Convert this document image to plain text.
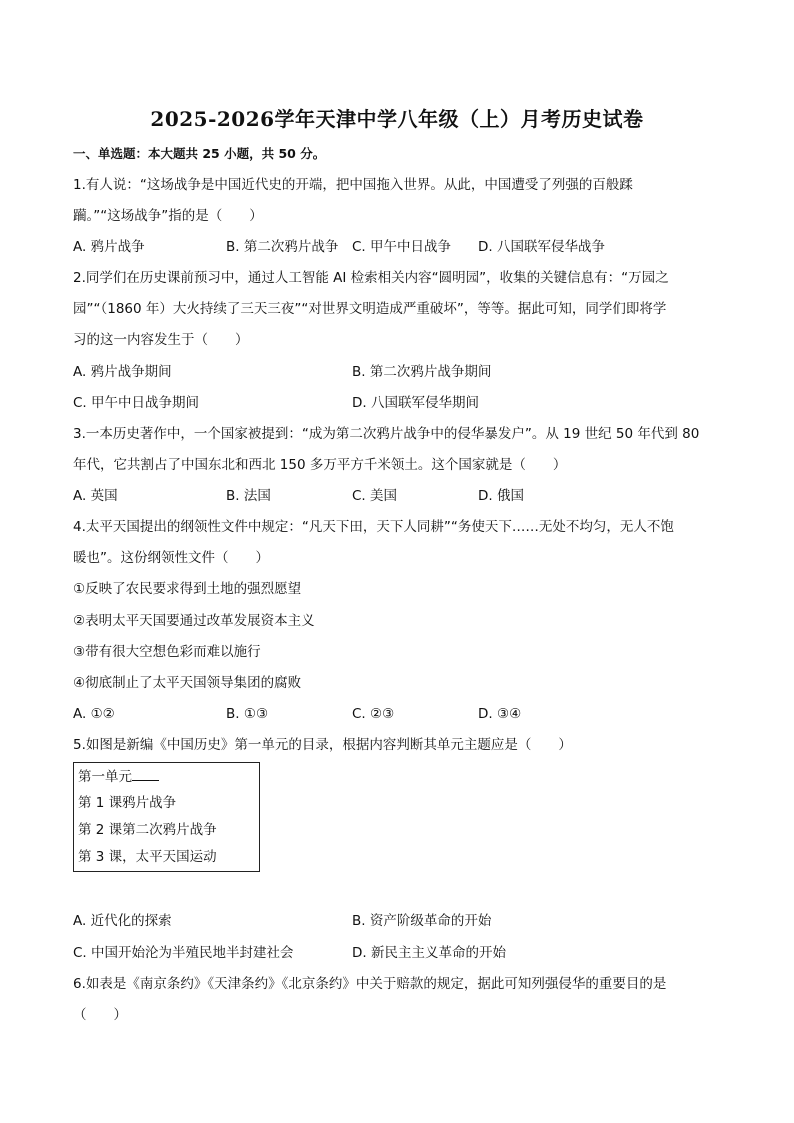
2025-2026学年天津中学八年级（上）月考历史试卷
一、单选题：本大题共 25 小题，共 50 分。
1.有人说：“这场战争是中国近代史的开端，把中国拖入世界。从此，中国遭受了列强的百般蹂
躏。”“这场战争”指的是（　　）
A. 鸦片战争	B. 第二次鸦片战争 C. 甲午中日战争 D. 八国联军侵华战争
2.同学们在历史课前预习中，通过人工智能 AI 检索相关内容“圆明园”，收集的关键信息有：“万园之
园”“（1860 年）大火持续了三天三夜”“对世界文明造成严重破坏”，等等。据此可知，同学们即将学
习的这一内容发生于（　　）
A. 鸦片战争期间	B. 第二次鸦片战争期间
C. 甲午中日战争期间	D. 八国联军侵华期间
3.一本历史著作中，一个国家被提到：“成为第二次鸦片战争中的侵华暴发户”。从 19 世纪 50 年代到 80
年代，它共割占了中国东北和西北 150 多万平方千米领土。这个国家就是（　　）
A. 英国	B. 法国	C. 美国	D. 俄国
4.太平天国提出的纲领性文件中规定：“凡天下田，天下人同耕”“务使天下……无处不均匀，无人不饱
暖也”。这份纲领性文件（　　）
①反映了农民要求得到土地的强烈愿望
②表明太平天国要通过改革发展资本主义
③带有很大空想色彩而难以施行
④彻底制止了太平天国领导集团的腐败
A. ①②	B. ①③	C. ②③	D. ③④
5.如图是新编《中国历史》第一单元的目录，根据内容判断其单元主题应是（　　）
第一单元
第 1 课鸦片战争
第 2 课第二次鸦片战争
第 3 课，太平天国运动
A. 近代化的探索	B. 资产阶级革命的开始
C. 中国开始沦为半殖民地半封建社会	D. 新民主主义革命的开始
6.如表是《南京条约》《天津条约》《北京条约》中关于赔款的规定，据此可知列强侵华的重要目的是
（　　）
